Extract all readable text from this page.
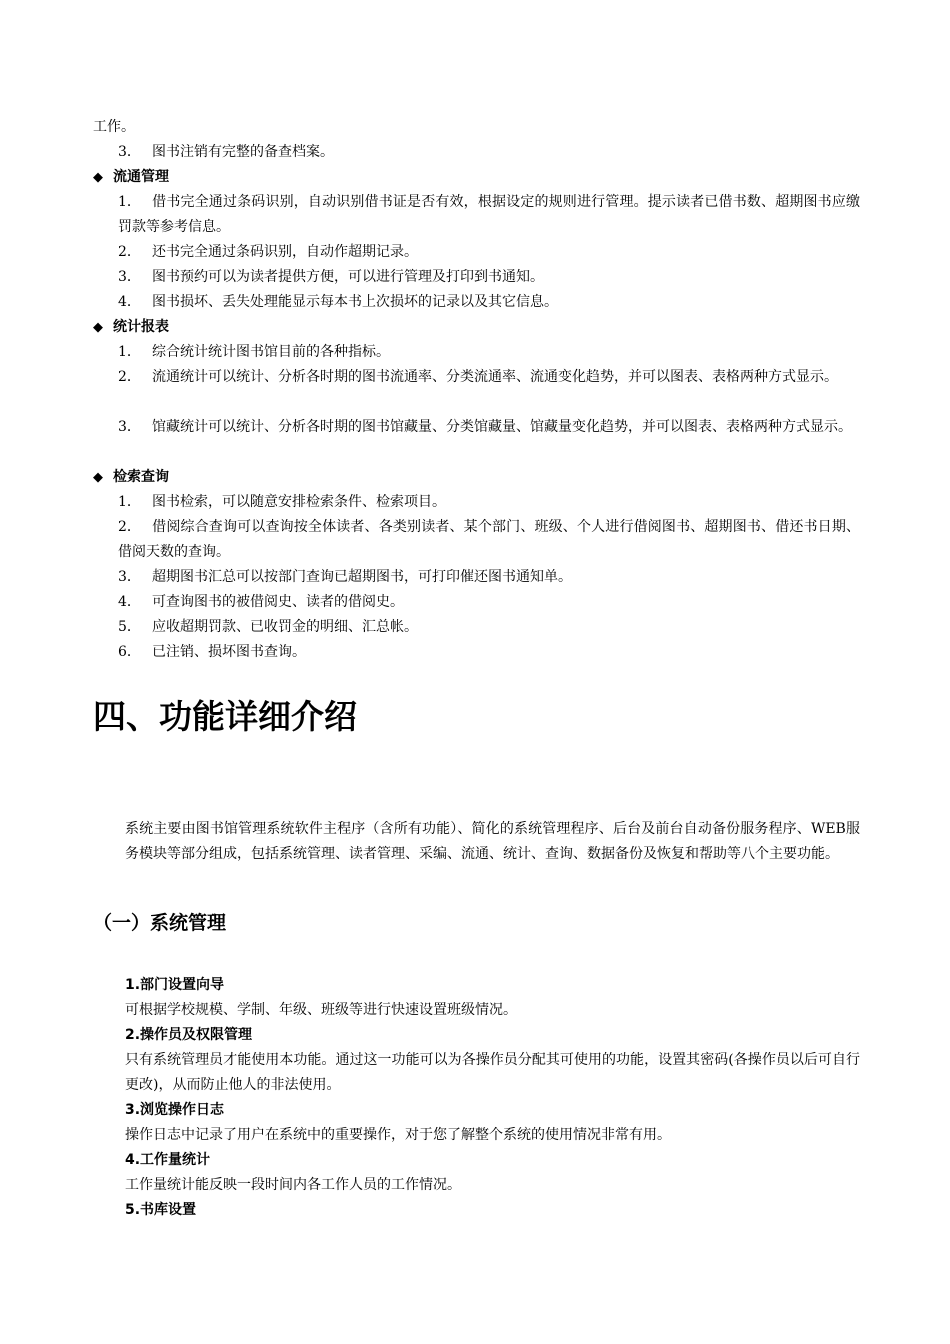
工作。

3． 图书注销有完整的备查档案。

◆ 流通管理

1． 借书完全通过条码识别，自动识别借书证是否有效，根据设定的规则进行管理。提示读者已借书数、超期图书应缴罚款等参考信息。

2． 还书完全通过条码识别，自动作超期记录。

3． 图书预约可以为读者提供方便，可以进行管理及打印到书通知。

4． 图书损坏、丢失处理能显示每本书上次损坏的记录以及其它信息。

◆ 统计报表

1． 综合统计统计图书馆目前的各种指标。

2． 流通统计可以统计、分析各时期的图书流通率、分类流通率、流通变化趋势，并可以图表、表格两种方式显示。

3． 馆藏统计可以统计、分析各时期的图书馆藏量、分类馆藏量、馆藏量变化趋势，并可以图表、表格两种方式显示。

◆ 检索查询

1． 图书检索，可以随意安排检索条件、检索项目。

2． 借阅综合查询可以查询按全体读者、各类别读者、某个部门、班级、个人进行借阅图书、超期图书、借还书日期、借阅天数的查询。

3． 超期图书汇总可以按部门查询已超期图书，可打印催还图书通知单。

4． 可查询图书的被借阅史、读者的借阅史。

5． 应收超期罚款、已收罚金的明细、汇总帐。

6． 已注销、损坏图书查询。

四、功能详细介绍

系统主要由图书馆管理系统软件主程序（含所有功能）、简化的系统管理程序、后台及前台自动备份服务程序、WEB服务模块等部分组成，包括系统管理、读者管理、采编、流通、统计、查询、数据备份及恢复和帮助等八个主要功能。

（一）系统管理

1.部门设置向导

可根据学校规模、学制、年级、班级等进行快速设置班级情况。

2.操作员及权限管理

只有系统管理员才能使用本功能。通过这一功能可以为各操作员分配其可使用的功能，设置其密码(各操作员以后可自行更改)，从而防止他人的非法使用。

3.浏览操作日志

操作日志中记录了用户在系统中的重要操作，对于您了解整个系统的使用情况非常有用。

4.工作量统计

工作量统计能反映一段时间内各工作人员的工作情况。

5.书库设置
